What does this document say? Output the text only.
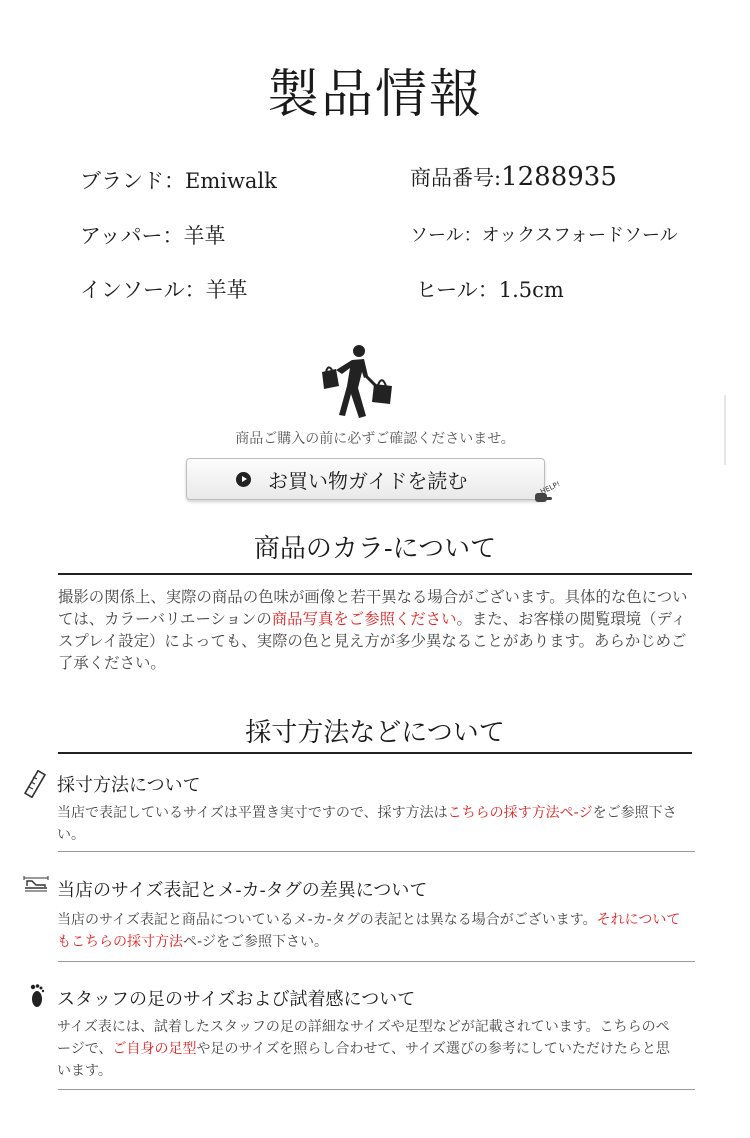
製品情報
ブランド：Emiwalk	商品番号:1288935
アッパー：羊革	ソール：オックスフォードソール
インソール：羊革	ヒール：1.5cm
商品ご購入の前に必ずご確認くださいませ。
お買い物ガイドを読む	HELP!
商品のカラ-について
撮影の関係上、実際の商品の色味が画像と若干異なる場合がございます。具体的な色については、カラーバリエーションの商品写真をご参照ください。また、お客様の閲覧環境（ディスプレイ設定）によっても、実際の色と見え方が多少異なることがあります。あらかじめご了承ください。
採寸方法などについて
採寸方法について
当店で表記しているサイズは平置き実寸ですので、採す方法はこちらの採す方法ペ-ジをご参照下さい。
当店のサイズ表記とメ-カ-タグの差異について
当店のサイズ表記と商品についているメ-カ-タグの表記とは異なる場合がございます。それについてもこちらの採寸方法ペ-ジをご参照下さい。
スタッフの足のサイズおよび試着感について
サイズ表には、試着したスタッフの足の詳細なサイズや足型などが記載されています。こちらのページで、ご自身の足型や足のサイズを照らし合わせて、サイズ選びの参考にしていただけたらと思います。
